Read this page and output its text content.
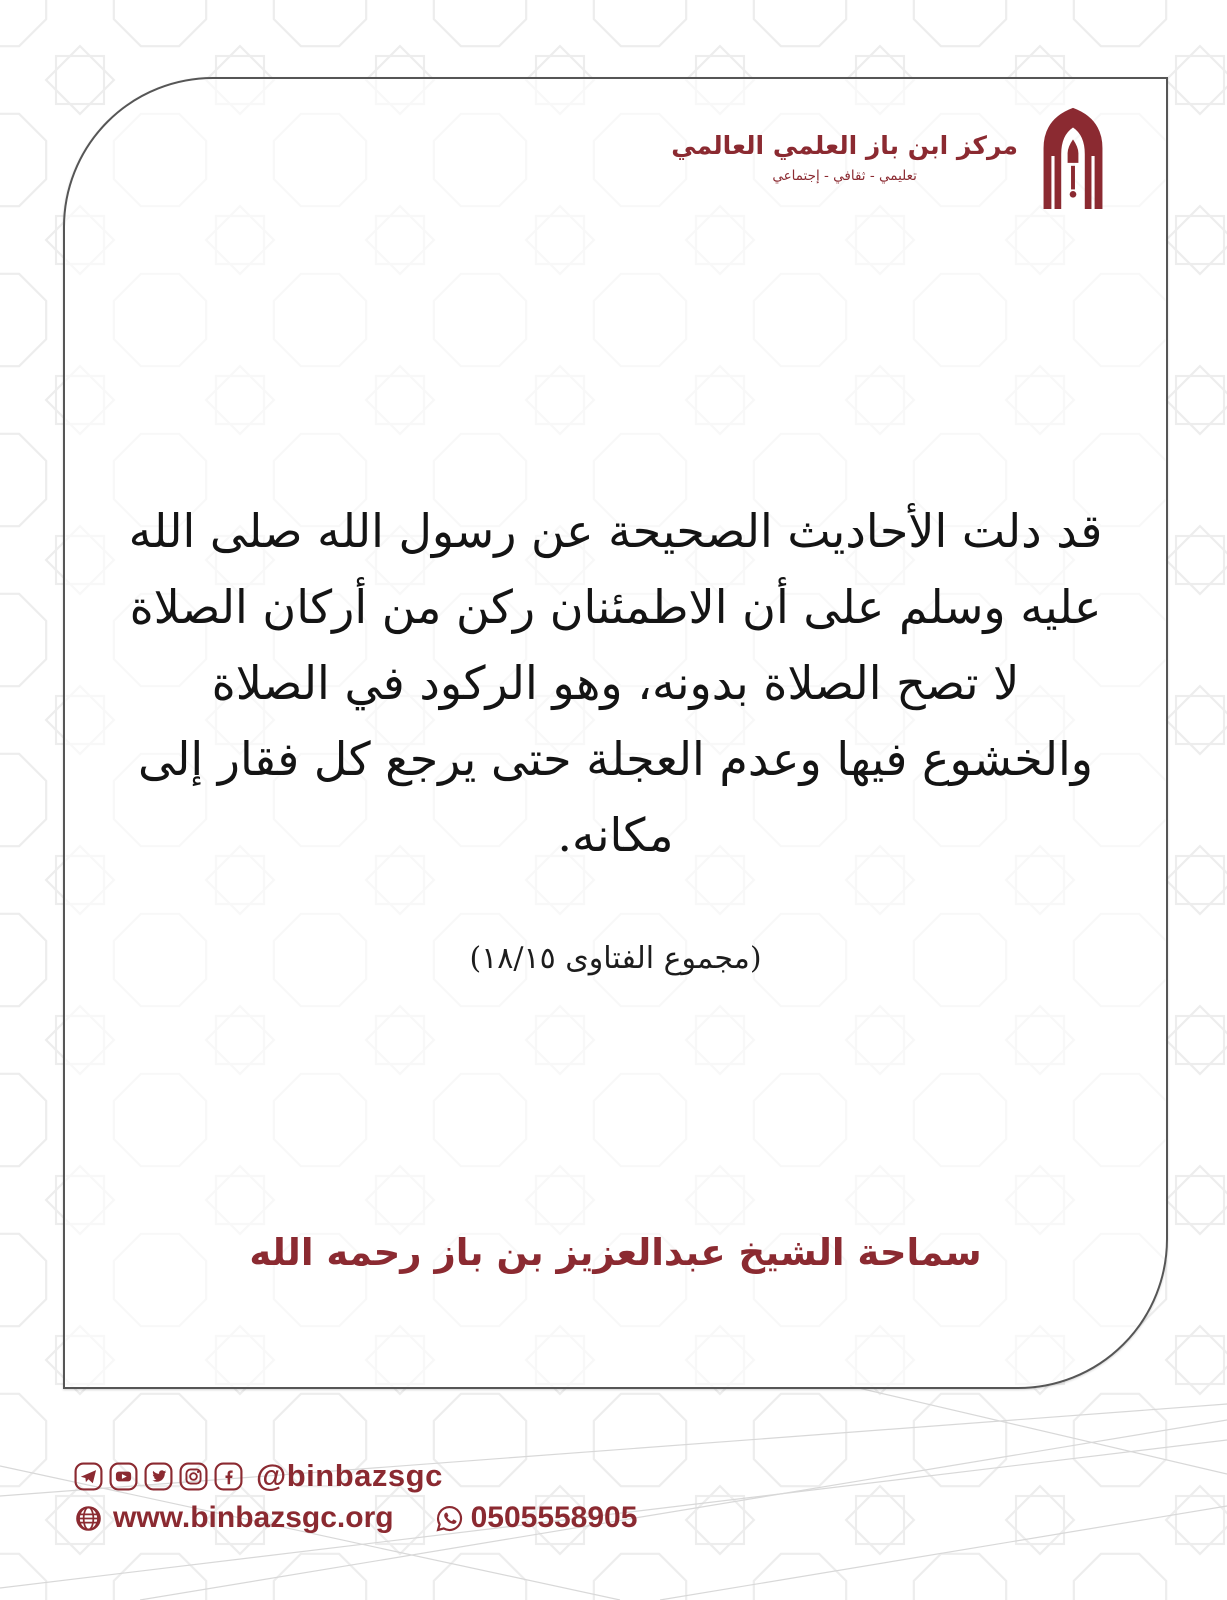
مركز ابن باز العلمي العالمي
تعليمي - ثقافي - إجتماعي
قد دلت الأحاديث الصحيحة عن رسول الله صلى الله
عليه وسلم على أن الاطمئنان ركن من أركان الصلاة
لا تصح الصلاة بدونه، وهو الركود في الصلاة
والخشوع فيها وعدم العجلة حتى يرجع كل فقار إلى
مكانه.
(مجموع الفتاوى ١٨/١٥)
سماحة الشيخ عبدالعزيز بن باز رحمه الله
@binbazsgc
www.binbazsgc.org	0505558905
